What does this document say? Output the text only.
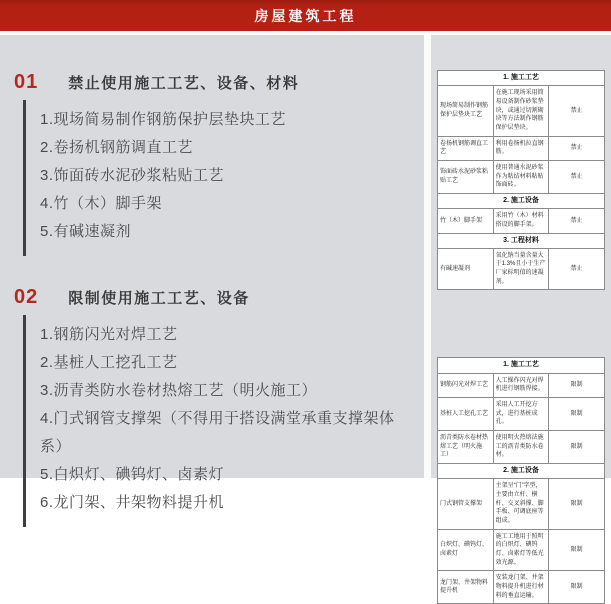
房屋建筑工程
01 禁止使用施工工艺、设备、材料
1.现场简易制作钢筋保护层垫块工艺
2.卷扬机钢筋调直工艺
3.饰面砖水泥砂浆粘贴工艺
4.竹（木）脚手架
5.有碱速凝剂
02 限制使用施工工艺、设备
1.钢筋闪光对焊工艺
2.基桩人工挖孔工艺
3.沥青类防水卷材热熔工艺（明火施工）
4.门式钢管支撑架（不得用于搭设满堂承重支撑架体系）
5.白炽灯、碘钨灯、卤素灯
6.龙门架、井架物料提升机
1. 施工工艺		
现场简易制作钢筋保护层垫块工艺	在施工现场采用简易设备制作砂浆垫块，或通过切割砌块等方法制作钢筋保护层垫块。	禁止
卷扬机钢筋调直工艺	利用卷扬机拉直钢筋。	禁止
饰面砖水泥砂浆粘贴工艺	使用普通水泥砂浆作为粘结材料粘贴饰面砖。	禁止
2. 施工设备		
竹（木）脚手架	采用竹（木）材料搭设的脚手架。	禁止
3. 工程材料		
有碱速凝剂	氧化钠当量含量大于1.3%且小于生产厂家标明值的速凝剂。	禁止
1. 施工工艺		
钢筋闪光对焊工艺	人工操作闪光对焊机进行钢筋焊接。	限制
基桩人工挖孔工艺	采用人工开挖方式，进行基桩成孔。	限制
沥青类防水卷材热熔工艺（明火施工）	使用明火热熔法施工的沥青类防水卷材。	限制
2. 施工设备		
门式钢管支撑架	主架呈“门”字型，主要由立杆、横杆、交叉斜撑、脚手板、可调底座等组成。	限制
白炽灯、碘钨灯、卤素灯	施工工地用于照明的白炽灯、碘钨灯、卤素灯等低光效光源。	限制
龙门架、井架物料提升机	安装龙门架、井架物料提升机进行材料的垂直运输。	限制
